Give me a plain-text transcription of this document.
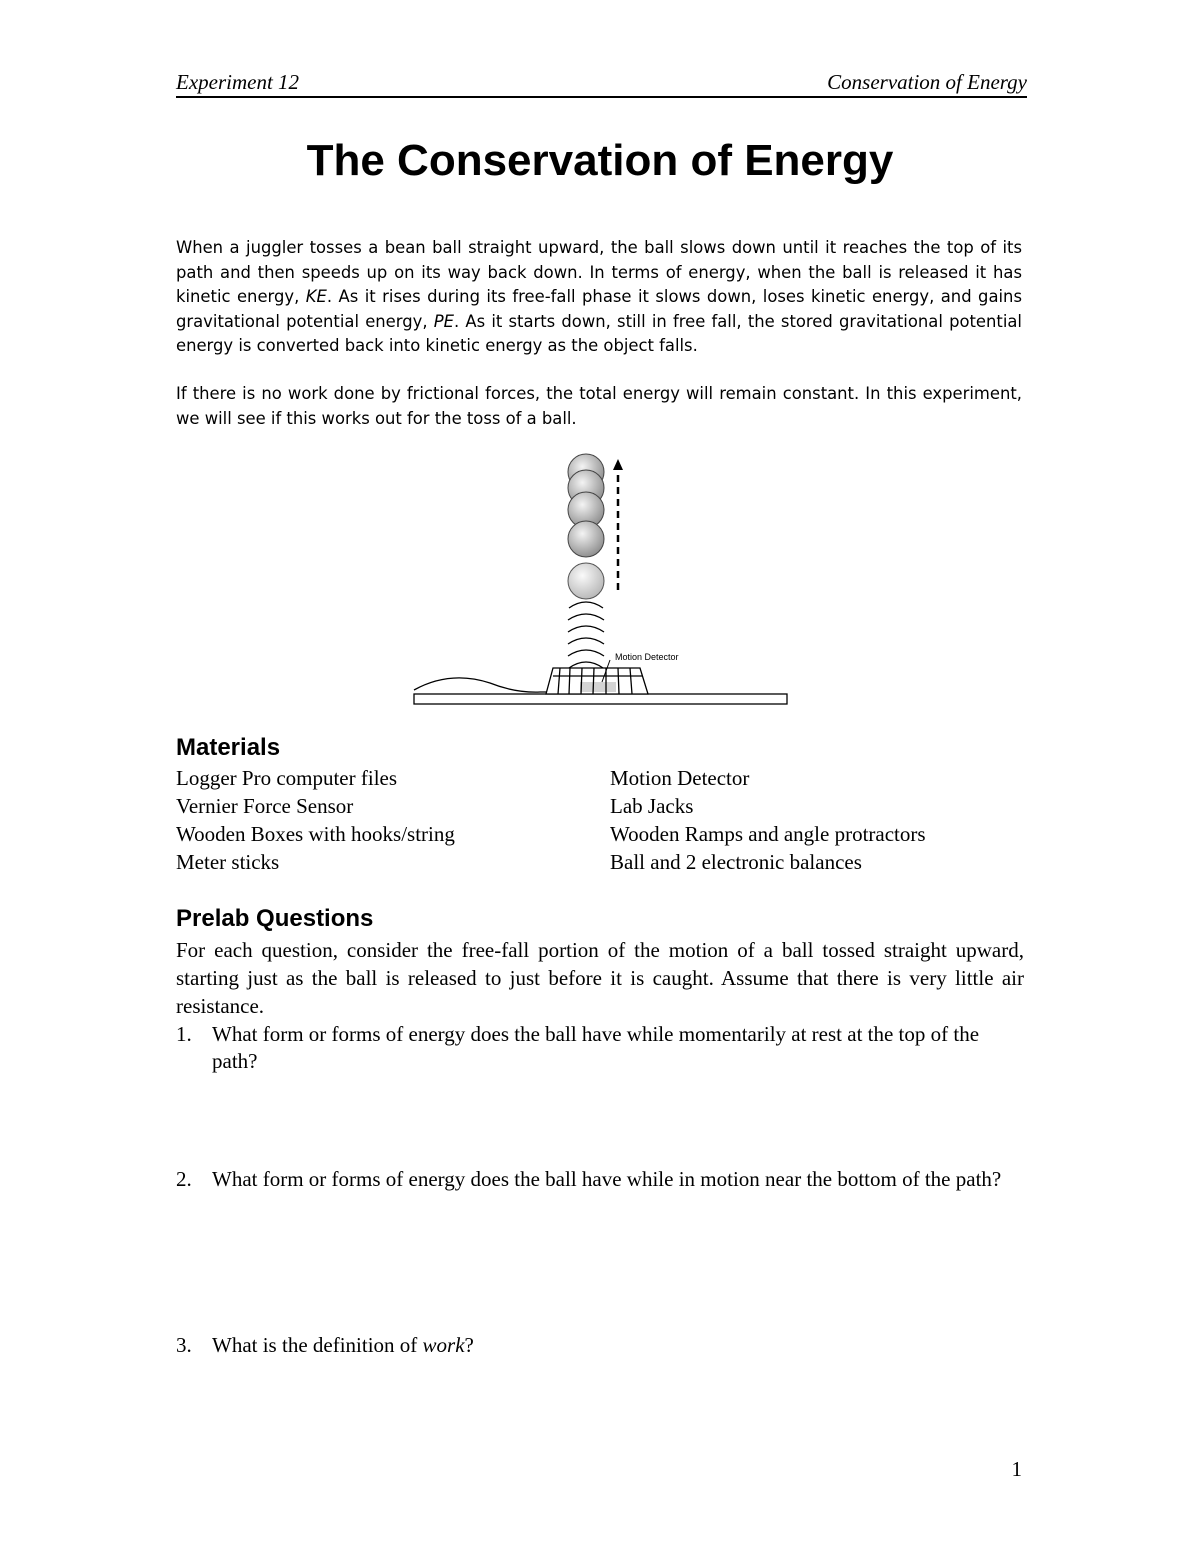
Experiment 12	Conservation of Energy
The Conservation of Energy

When a juggler tosses a bean ball straight upward, the ball slows down until it reaches the top of its path and then speeds up on its way back down. In terms of energy, when the ball is released it has kinetic energy, KE. As it rises during its free-fall phase it slows down, loses kinetic energy, and gains gravitational potential energy, PE. As it starts down, still in free fall, the stored gravitational potential energy is converted back into kinetic energy as the object falls.

If there is no work done by frictional forces, the total energy will remain constant. In this experiment, we will see if this works out for the toss of a ball.

Motion Detector
Materials
Logger Pro computer files
Vernier Force Sensor
Wooden Boxes with hooks/string
Meter sticks
Motion Detector
Lab Jacks
Wooden Ramps and angle protractors
Ball and 2 electronic balances
Prelab Questions

For each question, consider the free-fall portion of the motion of a ball tossed straight upward, starting just as the ball is released to just before it is caught. Assume that there is very little air resistance.

1. What form or forms of energy does the ball have while momentarily at rest at the top of the path?
2. What form or forms of energy does the ball have while in motion near the bottom of the path?
3. What is the definition of work?
1
